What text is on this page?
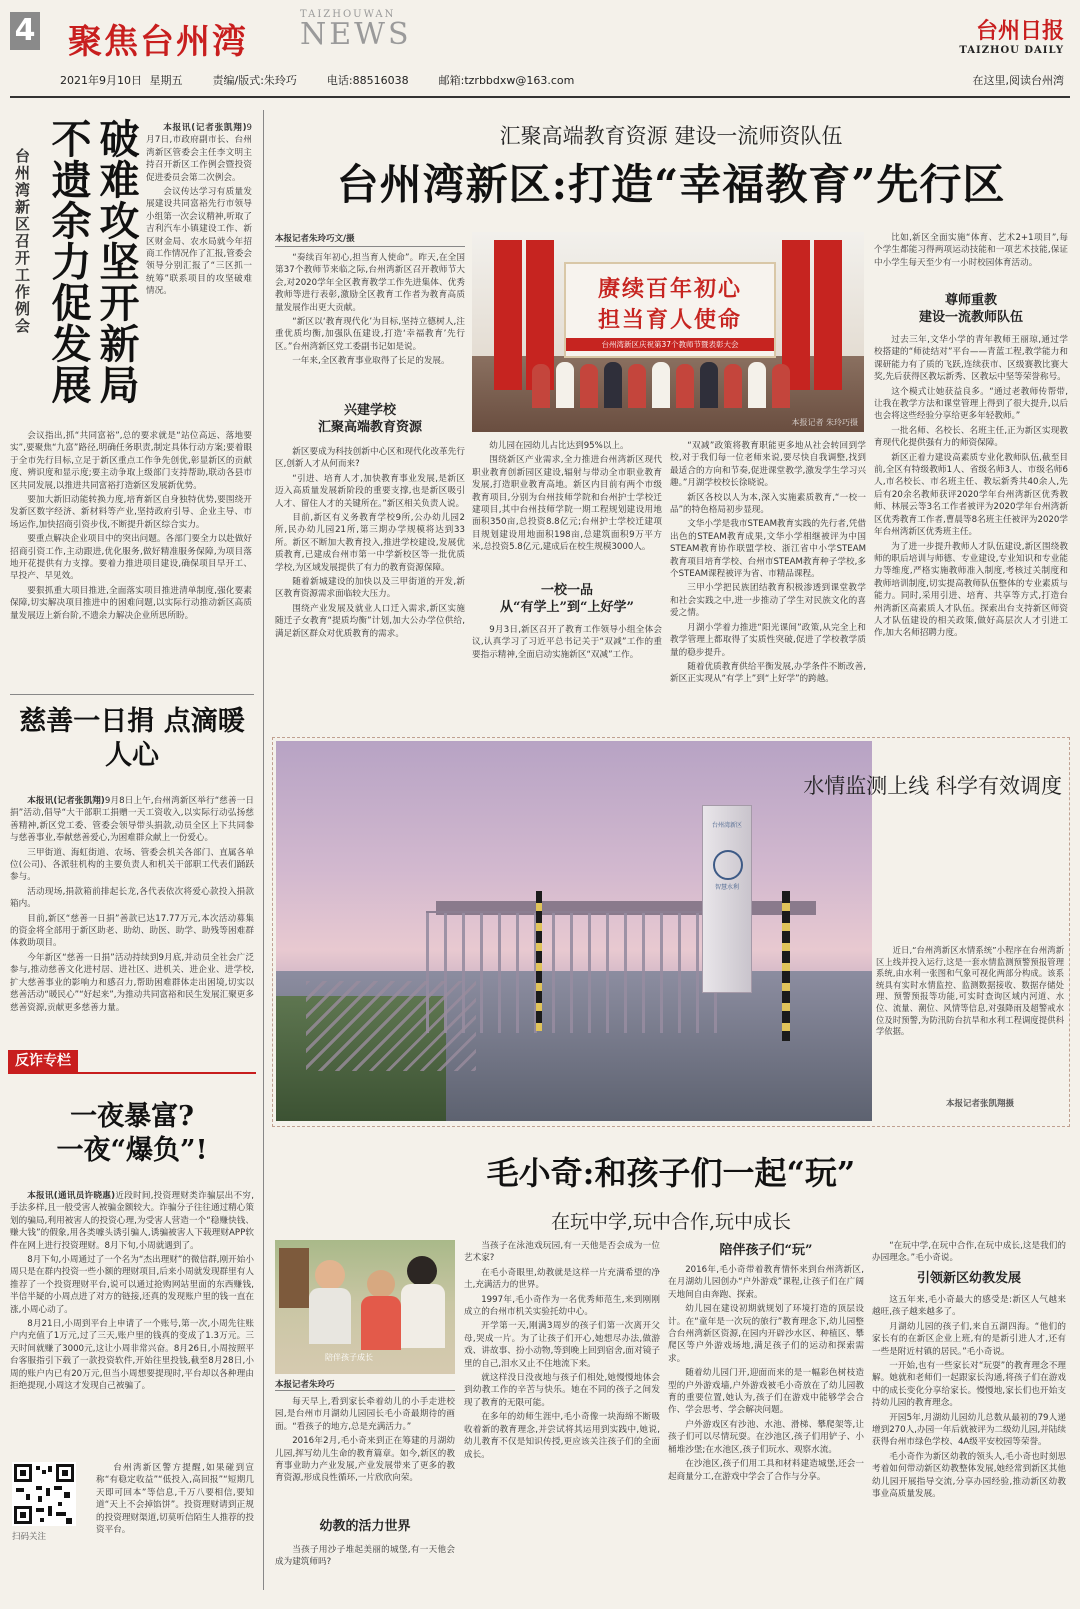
4 聚焦台州湾
TAIZHOUWAN
NEWS	台州日报
TAIZHOU DAILY
2021年9月10日 星期五	责编/版式:朱玲巧	电话:88516038	邮箱:tzrbbdxw@163.com	在这里,阅读台州湾
台州湾新区召开工作例会	破难攻坚开新局 不遗余力促发展	本报讯(记者张凯翔)9月7日,市政府副市长、台州湾新区管委会主任李文明主持召开新区工作例会暨投资促进委员会第二次例会。

会议传达学习有质量发展建设共同富裕先行市领导小组第一次会议精神,听取了吉利汽车小镇建设工作、新区财金局、农水局就今年招商工作情况作了汇报,管委会领导分别汇报了“三区抓一统筹”联系项目的攻坚破难情况。

会议指出,抓“共同富裕”,总的要求就是“站位高远、落地要实”,要聚焦“九富”路径,明确任务职责,制定具体行动方案;要着眼于全市先行目标,立足于新区重点工作争先创优,彰显新区的贡献度、辨识度和显示度;要主动争取上级部门支持帮助,联动各县市区共同发展,以推进共同富裕打造新区发展新优势。

要加大新旧动能转换力度,培育新区自身独特优势,要围绕开发新区数字经济、新材料等产业,坚持政府引导、企业主导、市场运作,加快招商引资步伐,不断提升新区综合实力。

要重点解决企业项目中的突出问题。各部门要全力以赴做好招商引资工作,主动跟进,优化服务,做好精准服务保障,为项目落地开花提供有力支撑。要着力推进项目建设,确保项目早开工、早投产、早见效。

要狠抓重大项目推进,全面落实项目推进清单制度,强化要素保障,切实解决项目推进中的困难问题,以实际行动推动新区高质量发展迈上新台阶,不遗余力解决企业所思所盼。

慈善一日捐 点滴暖人心

本报讯(记者张凯翔)9月8日上午,台州湾新区举行“慈善一日捐”活动,倡导“大干部职工捐赠一天工资收入,以实际行动弘扬慈善精神,新区党工委、管委会领导带头捐款,动员全区上下共同参与慈善事业,奉献慈善爱心,为困难群众献上一份爱心。

三甲街道、海虹街道、农场、管委会机关各部门、直属各单位(公司)、各派驻机构的主要负责人和机关干部职工代表们踊跃参与。

活动现场,捐款箱前排起长龙,各代表依次将爱心款投入捐款箱内。

目前,新区“慈善一日捐”善款已达17.77万元,本次活动募集的资金将全部用于新区助老、助幼、助医、助学、助残等困难群体救助项目。

今年新区“慈善一日捐”活动持续到9月底,并动员全社会广泛参与,推动慈善文化进村居、进社区、进机关、进企业、进学校,扩大慈善事业的影响力和感召力,帮助困难群体走出困境,切实以慈善活动“暖民心”“好起来”,为推动共同富裕和民生发展汇聚更多慈善资源,贡献更多慈善力量。

反诈专栏
一夜暴富?
一夜“爆负”!

本报讯(通讯员许晓惠)近段时间,投资理财类诈骗层出不穷,手法多样,且一般受害人被骗金额较大。诈骗分子往往通过精心策划的骗局,利用被害人的投资心理,为受害人营造一个“稳赚快钱、赚大钱”的假象,用各类噱头诱引骗人,诱骗被害人下载理财APP软件在网上进行投资理财。8月下旬,小周就遇到了。

8月下旬,小周通过了一个名为“杰出理财”的微信群,刚开始小周只是在群内投资一些小额的理财项目,后来小周就发现群里有人推荐了一个投资理财平台,说可以通过抢购网站里面的东西赚钱,半信半疑的小周点进了对方的链接,还真的发现账户里的钱一直在涨,小周心动了。

8月21日,小周到平台上申请了一个账号,第一次,小周先往账户内充值了1万元,过了三天,账户里的钱真的变成了1.3万元。三天时间就赚了3000元,这让小周非常兴奋。8月26日,小周按照平台客服指引下载了一款投资软件,开始往里投钱,截至8月28日,小周的账户内已有20万元,但当小周想要提现时,平台却以各种理由拒绝提现,小周这才发现自己被骗了。

扫码关注

台州湾新区警方提醒,如果碰到宣称“有稳定收益”“低投入,高回报”“短期几天即可回本”等信息,千万八要相信,要知道“天上不会掉馅饼”。投资理财请到正规的投资理财渠道,切莫听信陌生人推荐的投资平台。

汇聚高端教育资源 建设一流师资队伍
台州湾新区:打造“幸福教育”先行区
本报记者朱玲巧文/摄

“奏续百年初心,担当育人使命”。昨天,在全国第37个教师节来临之际,台州湾新区召开教师节大会,对2020学年全区教育教学工作先进集体、优秀教师等进行表彰,激励全区教育工作者为教育高质量发展作出更大贡献。

“新区以‘教育现代化’为目标,坚持立德树人,注重优质均衡,加强队伍建设,打造‘幸福教育’先行区。”台州湾新区党工委副书记如是说。

一年来,全区教育事业取得了长足的发展。

兴建学校
汇聚高端教育资源

新区要成为科技创新中心区和现代化改革先行区,创新人才从何而来?

“引进、培育人才,加快教育事业发展,是新区迈入高质量发展新阶段的重要支撑,也是新区吸引人才、留住人才的关键所在。”新区相关负责人说。

目前,新区有义务教育学校9所,公办幼儿园2所,民办幼儿园21所,第三期办学规模将达到33所。新区不断加大教育投入,推进学校建设,发展优质教育,已建成台州市第一中学新校区等一批优质学校,为区域发展提供了有力的教育资源保障。

随着新城建设的加快以及三甲街道的开发,新区教育资源需求面临较大压力。

围绕产业发展及就业人口迁入需求,新区实施随迁子女教育“提质均衡”计划,加大公办学位供给,满足新区群众对优质教育的需求。

赓续百年初心
担当育人使命
台州湾新区庆祝第37个教师节暨表彰大会
本报记者 朱玲巧摄

幼儿园在园幼儿占比达到95%以上。

围绕新区产业需求,全力推进台州湾新区现代职业教育创新园区建设,辐射与带动全市职业教育发展,打造职业教育高地。新区内目前有两个市级教育项目,分别为台州技师学院和台州护士学校迁建项目,其中台州技师学院一期工程规划建设用地面积350亩,总投资8.8亿元;台州护士学校迁建项目规划建设用地面积198亩,总建筑面积9万平方米,总投资5.8亿元,建成后在校生规模3000人。

一校一品
从“有学上”到“上好学”

9月3日,新区召开了教育工作领导小组全体会议,认真学习了习近平总书记关于“双减”工作的重要指示精神,全面启动实施新区“双减”工作。

“双减”政策将教育职能更多地从社会转回到学校,对于我们每一位老师来说,要尽快自我调整,找到最适合的方向和节奏,促进课堂教学,激发学生学习兴趣。”月湖学校校长徐晓说。

新区各校以人为本,深入实施素质教育,“一校一品”的特色格局初步显现。

文华小学是我市STEAM教育实践的先行者,凭借出色的STEAM教育成果,文华小学相继被评为中国STEAM教育协作联盟学校、浙江省中小学STEAM教育项目培育学校、台州市STEAM教育种子学校,多个STEAM课程被评为省、市精品课程。

三甲小学把民族团结教育积极渗透到课堂教学和社会实践之中,进一步推动了学生对民族文化的喜爱之情。

月湖小学着力推进“阳光课间”政策,从完全上和教学管理上都取得了实质性突破,促进了学校教学质量的稳步提升。

随着优质教育供给平衡发展,办学条件不断改善,新区正实现从“有学上”到“上好学”的跨越。

比如,新区全面实施“体育、艺术2+1项目”,每个学生都能习得两项运动技能和一项艺术技能,保证中小学生每天至少有一小时校园体育活动。

尊师重教
建设一流教师队伍

过去三年,文华小学的青年教师王丽琼,通过学校搭建的“师徒结对”平台——青蓝工程,教学能力和课研能力有了质的飞跃,连续获市、区级赛教比赛大奖,先后获得区教坛新秀、区教坛中坚等荣誉称号。

这个模式让她获益良多。“通过老教师传帮带,让我在教学方法和课堂管理上得到了很大提升,以后也会将这些经验分享给更多年轻教师。”

一批名师、名校长、名班主任,正为新区实现教育现代化提供强有力的师资保障。

新区正着力建设高素质专业化教师队伍,截至目前,全区有特级教师1人、省级名师3人、市级名师6人,市名校长、市名班主任、教坛新秀共40余人,先后有20余名教师获评2020学年台州湾新区优秀教师、林展云等3名工作者被评为2020学年台州湾新区优秀教育工作者,曹晨等8名班主任被评为2020学年台州湾新区优秀班主任。

为了进一步提升教师人才队伍建设,新区围绕教师的职后培训与师德、专业建设,专业知识和专业能力等维度,严格实施教师准入制度,考核过关制度和教师培训制度,切实提高教师队伍整体的专业素质与能力。同时,采用引进、培育、共享等方式,打造台州湾新区高素质人才队伍。探索出台支持新区师资人才队伍建设的相关政策,做好高层次人才引进工作,加大名师招聘力度。

台州湾新区
智慧水利
水情监测上线 科学有效调度

近日,“台州湾新区水情系统”小程序在台州湾新区上线并投入运行,这是一套水情监测预警预报管理系统,由水利一张图和气象可视化两部分构成。该系统具有实时水情监控、监测数据接收、数据存储处理、预警预报等功能,可实时查询区域内河道、水位、流量、潮位、风情等信息,对强降雨及超警戒水位及时预警,为防汛防台抗旱和水利工程调度提供科学依据。

本报记者张凯翔摄
毛小奇:和孩子们一起“玩”
在玩中学,玩中合作,玩中成长
陪伴孩子成长
本报记者朱玲巧

每天早上,看到家长牵着幼儿的小手走进校园,是台州市月湖幼儿园园长毛小奇最期待的画面。“看孩子的地方,总是充满活力。”

2016年2月,毛小奇来到正在筹建的月湖幼儿园,挥写幼儿生命的教育篇章。如今,新区的教育事业助力产业发展,产业发展带来了更多的教育资源,形成良性循环,一片欣欣向荣。

幼教的活力世界

当孩子用沙子堆起美丽的城堡,有一天他会成为建筑师吗?

当孩子在泳池戏玩园,有一天他是否会成为一位艺术家?

在毛小奇眼里,幼教就是这样一片充满希望的净土,充满活力的世界。

1997年,毛小奇作为一名优秀师范生,来到刚刚成立的台州市机关实验托幼中心。

开学第一天,刚满3周岁的孩子们第一次离开父母,哭成一片。为了让孩子们开心,她想尽办法,做游戏、讲故事、扮小动物,等到晚上回到宿舍,面对镜子里的自己,泪水又止不住地流下来。

就这样没日没夜地与孩子们相处,她慢慢地体会到幼教工作的辛苦与快乐。她在不同的孩子之间发现了教育的无限可能。

在多年的幼师生涯中,毛小奇像一块海绵不断吸收着新的教育理念,并尝试将其运用到实践中,她说,幼儿教育不仅是知识传授,更应该关注孩子们的全面成长。

陪伴孩子们“玩”

2016年,毛小奇带着教育情怀来到台州湾新区,在月湖幼儿园创办“户外游戏”课程,让孩子们在广阔天地间自由奔跑、探索。

幼儿园在建设初期就规划了环境打造的顶层设计。在“童年是一次玩的旅行”教育理念下,幼儿园整合台州湾新区资源,在园内开辟沙水区、种植区、攀爬区等户外游戏场地,满足孩子们的运动和探索需求。

随着幼儿园门开,迎面而来的是一幅彩色树枝造型的户外游戏墙,户外游戏被毛小奇放在了幼儿园教育的重要位置,她认为,孩子们在游戏中能够学会合作、学会思考、学会解决问题。

户外游戏区有沙池、水池、滑梯、攀爬架等,让孩子们可以尽情玩耍。在沙池区,孩子们用铲子、小桶堆沙堡;在水池区,孩子们玩水、观察水流。

在沙池区,孩子们用工具和材料建造城堡,还会一起商量分工,在游戏中学会了合作与分享。

“在玩中学,在玩中合作,在玩中成长,这是我们的办园理念。”毛小奇说。

引领新区幼教发展

这五年来,毛小奇最大的感受是:新区人气越来越旺,孩子越来越多了。

月湖幼儿园的孩子们,来自五湖四海。“他们的家长有的在新区企业上班,有的是新引进人才,还有一些是附近村镇的居民。”毛小奇说。

一开始,也有一些家长对“玩耍”的教育理念不理解。她就和老师们一起跟家长沟通,将孩子们在游戏中的成长变化分享给家长。慢慢地,家长们也开始支持幼儿园的教育理念。

开园5年,月湖幼儿园幼儿总数从最初的79人递增到270人,办园一年后就被评为二级幼儿园,并陆续获得台州市绿色学校、4A级平安校园等荣誉。

毛小奇作为新区幼教的领头人,毛小奇也时刻思考着如何带动新区幼教整体发展,她经常到新区其他幼儿园开展指导交流,分享办园经验,推动新区幼教事业高质量发展。
